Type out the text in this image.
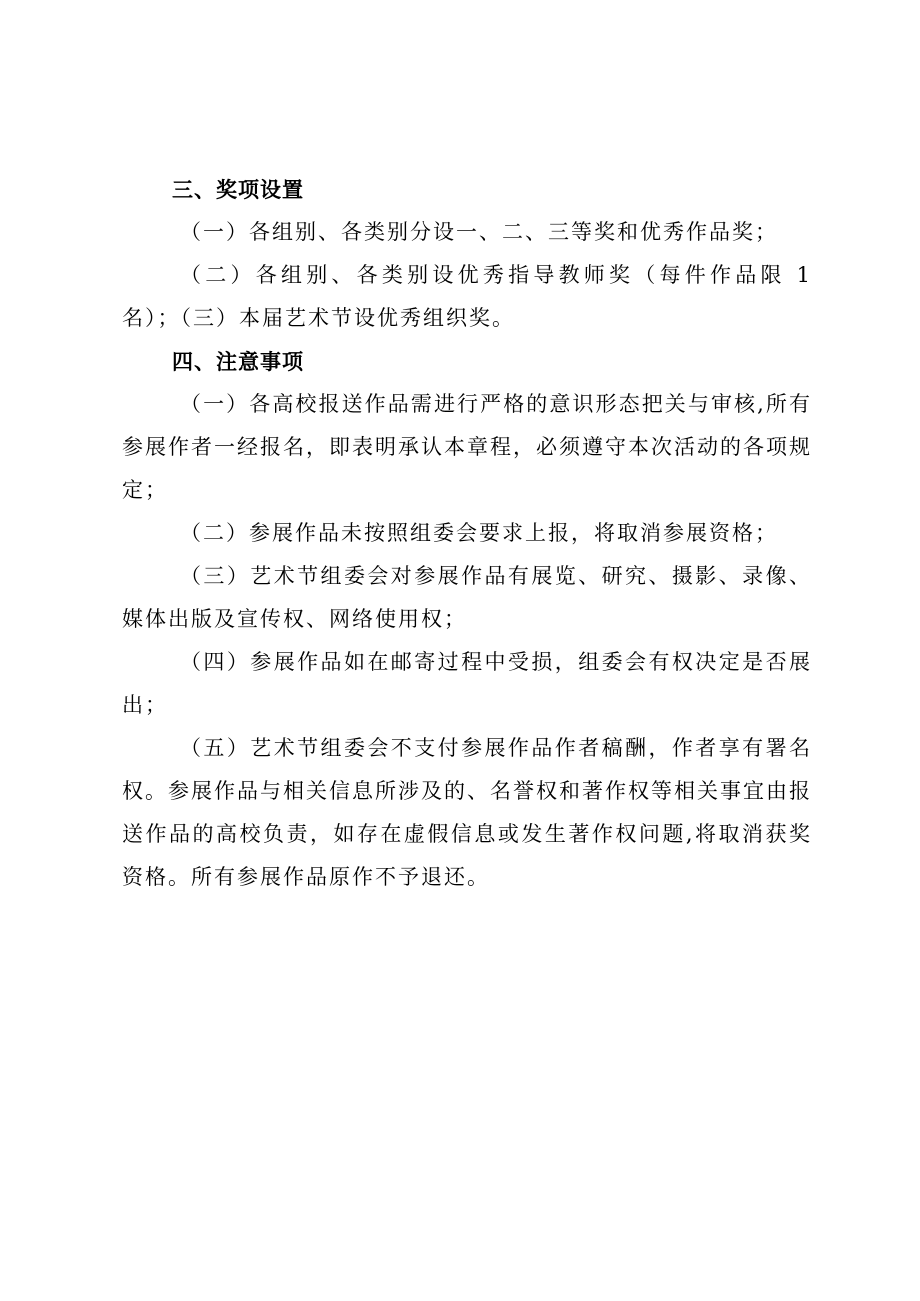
三、奖项设置

（一）各组别、各类别分设一、二、三等奖和优秀作品奖；

（二）各组别、各类别设优秀指导教师奖（每件作品限 1 名）；（三）本届艺术节设优秀组织奖。

四、注意事项

（一）各高校报送作品需进行严格的意识形态把关与审核,所有参展作者一经报名，即表明承认本章程，必须遵守本次活动的各项规定；

（二）参展作品未按照组委会要求上报，将取消参展资格；

（三）艺术节组委会对参展作品有展览、研究、摄影、录像、媒体出版及宣传权、网络使用权；

（四）参展作品如在邮寄过程中受损，组委会有权决定是否展出；

（五）艺术节组委会不支付参展作品作者稿酬，作者享有署名权。参展作品与相关信息所涉及的、名誉权和著作权等相关事宜由报送作品的高校负责，如存在虚假信息或发生著作权问题,将取消获奖资格。所有参展作品原作不予退还。
